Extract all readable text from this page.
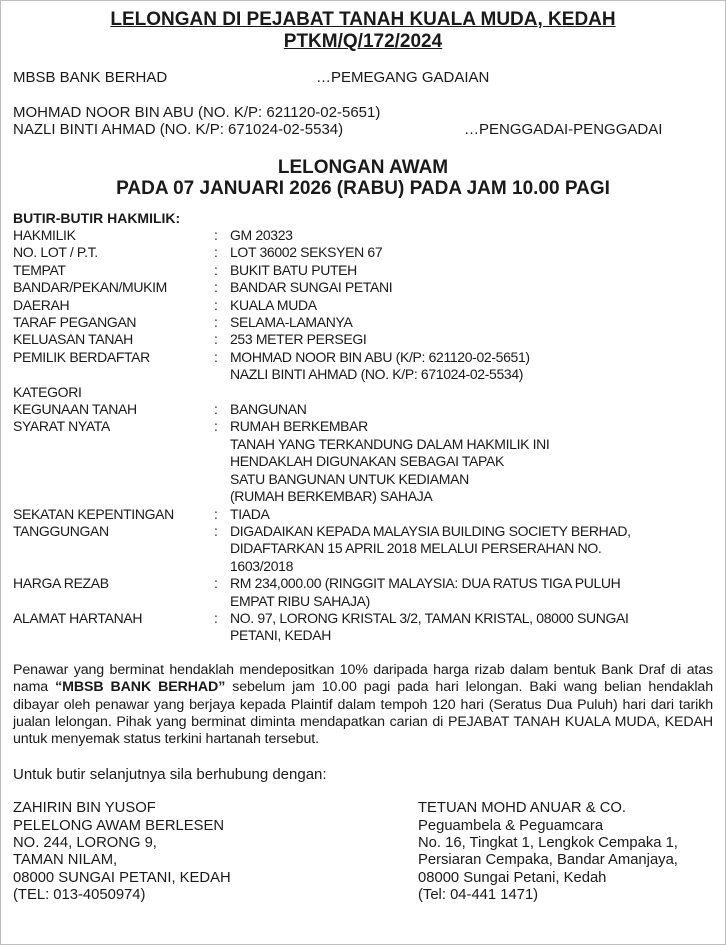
LELONGAN DI PEJABAT TANAH KUALA MUDA, KEDAH
PTKM/Q/172/2024
MBSB BANK BERHAD	…PEMEGANG GADAIAN
MOHMAD NOOR BIN ABU (NO. K/P: 621120-02-5651)
NAZLI BINTI AHMAD (NO. K/P: 671024-02-5534)	…PENGGADAI-PENGGADAI
LELONGAN AWAM
PADA 07 JANUARI 2026 (RABU) PADA JAM 10.00 PAGI
BUTIR-BUTIR HAKMILIK:
HAKMILIK	: GM 20323
NO. LOT / P.T.	: LOT 36002 SEKSYEN 67
TEMPAT	: BUKIT BATU PUTEH
BANDAR/PEKAN/MUKIM	: BANDAR SUNGAI PETANI
DAERAH	: KUALA MUDA
TARAF PEGANGAN	: SELAMA-LAMANYA
KELUASAN TANAH	: 253 METER PERSEGI
PEMILIK BERDAFTAR	: MOHMAD NOOR BIN ABU (K/P: 621120-02-5651)
NAZLI BINTI AHMAD (NO. K/P: 671024-02-5534)
KATEGORI
KEGUNAAN TANAH	: BANGUNAN
SYARAT NYATA	: RUMAH BERKEMBAR
TANAH YANG TERKANDUNG DALAM HAKMILIK INI
HENDAKLAH DIGUNAKAN SEBAGAI TAPAK
SATU BANGUNAN UNTUK KEDIAMAN
(RUMAH BERKEMBAR) SAHAJA
SEKATAN KEPENTINGAN	: TIADA
TANGGUNGAN	: DIGADAIKAN KEPADA MALAYSIA BUILDING SOCIETY BERHAD,
DIDAFTARKAN 15 APRIL 2018 MELALUI PERSERAHAN NO.
1603/2018
HARGA REZAB	: RM 234,000.00 (RINGGIT MALAYSIA: DUA RATUS TIGA PULUH
EMPAT RIBU SAHAJA)
ALAMAT HARTANAH	: NO. 97, LORONG KRISTAL 3/2, TAMAN KRISTAL, 08000 SUNGAI
PETANI, KEDAH
Penawar yang berminat hendaklah mendepositkan 10% daripada harga rizab dalam bentuk Bank Draf di atas nama “MBSB BANK BERHAD” sebelum jam 10.00 pagi pada hari lelongan. Baki wang belian hendaklah dibayar oleh penawar yang berjaya kepada Plaintif dalam tempoh 120 hari (Seratus Dua Puluh) hari dari tarikh jualan lelongan. Pihak yang berminat diminta mendapatkan carian di PEJABAT TANAH KUALA MUDA, KEDAH untuk menyemak status terkini hartanah tersebut.
Untuk butir selanjutnya sila berhubung dengan:
ZAHIRIN BIN YUSOF
PELELONG AWAM BERLESEN
NO. 244, LORONG 9,
TAMAN NILAM,
08000 SUNGAI PETANI, KEDAH
(TEL: 013-4050974)
TETUAN MOHD ANUAR & CO.
Peguambela & Peguamcara
No. 16, Tingkat 1, Lengkok Cempaka 1,
Persiaran Cempaka, Bandar Amanjaya,
08000 Sungai Petani, Kedah
(Tel: 04-441 1471)
